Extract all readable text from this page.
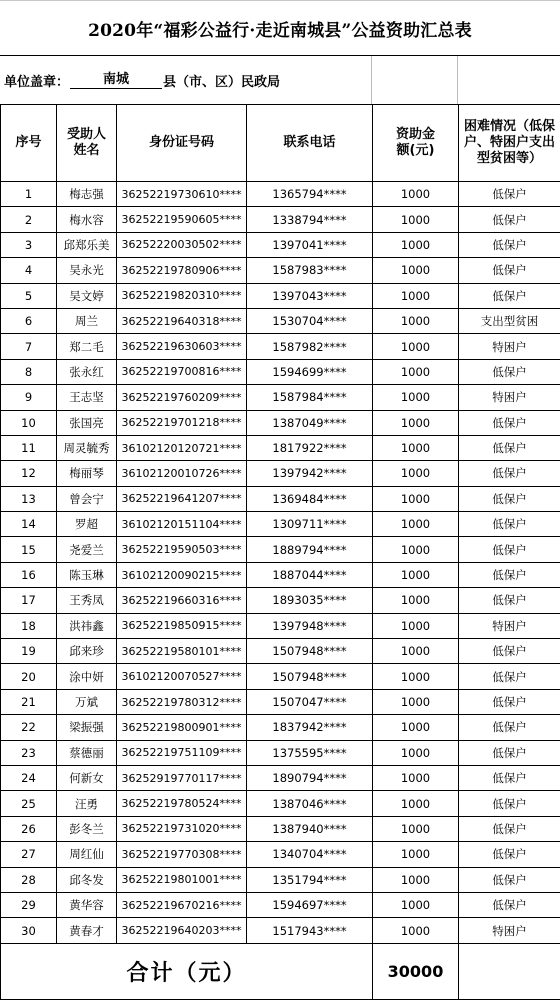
2020年“福彩公益行·走近南城县”公益资助汇总表
单位盖章：	南城	县（市、区）民政局
序号	受助人姓名	身份证号码	联系电话	资助金额(元)	困难情况（低保户、特困户支出型贫困等）
1	梅志强	36252219730610****	1365794****	1000	低保户
2	梅水容	36252219590605****	1338794****	1000	低保户
3	邱郑乐美	36252220030502****	1397041****	1000	低保户
4	吴永光	36252219780906****	1587983****	1000	低保户
5	吴文婷	36252219820310****	1397043****	1000	低保户
6	周兰	36252219640318****	1530704****	1000	支出型贫困
7	郑二毛	36252219630603****	1587982****	1000	特困户
8	张永红	36252219700816****	1594699****	1000	低保户
9	王志坚	36252219760209****	1587984****	1000	特困户
10	张国亮	36252219701218****	1387049****	1000	低保户
11	周灵毓秀	36102120120721****	1817922****	1000	低保户
12	梅丽琴	36102120010726****	1397942****	1000	低保户
13	曾会宁	36252219641207****	1369484****	1000	低保户
14	罗超	36102120151104****	1309711****	1000	低保户
15	尧爱兰	36252219590503****	1889794****	1000	低保户
16	陈玉琳	36102120090215****	1887044****	1000	低保户
17	王秀凤	36252219660316****	1893035****	1000	低保户
18	洪祎鑫	36252219850915****	1397948****	1000	特困户
19	邱来珍	36252219580101****	1507948****	1000	低保户
20	涂中妍	36102120070527****	1507948****	1000	低保户
21	万斌	36252219780312****	1507047****	1000	低保户
22	梁振强	36252219800901****	1837942****	1000	低保户
23	蔡德丽	36252219751109****	1375595****	1000	低保户
24	何新女	36252919770117****	1890794****	1000	低保户
25	汪勇	36252219780524****	1387046****	1000	低保户
26	彭冬兰	36252219731020****	1387940****	1000	低保户
27	周红仙	36252219770308****	1340704****	1000	低保户
28	邱冬发	36252219801001****	1351794****	1000	低保户
29	黄华容	36252219670216****	1594697****	1000	低保户
30	黄春才	36252219640203****	1517943****	1000	特困户
合计（元）				30000	
